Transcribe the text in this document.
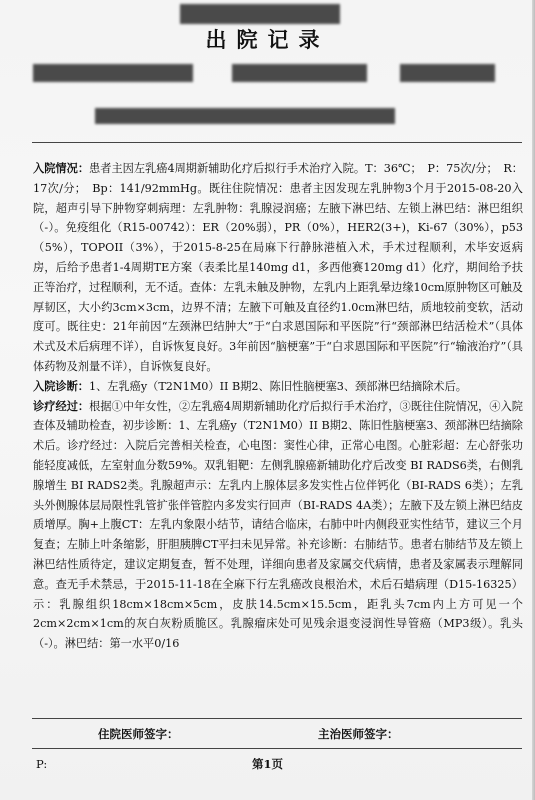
出院记录

入院情况：患者主因左乳癌4周期新辅助化疗后拟行手术治疗入院。T：36℃；　P：75次/分；　R：17次/分；　Bp：141/92mmHg。既往住院情况：患者主因发现左乳肿物3个月于2015-08-20入院，超声引导下肿物穿刺病理：左乳肿物：乳腺浸润癌；左腋下淋巴结、左锁上淋巴结：淋巴组织（-）。免疫组化（R15-00742）：ER（20%弱），PR（0%），HER2(3+)，Ki-67（30%），p53（5%），TOPOII（3%），于2015-8-25在局麻下行静脉港植入术，手术过程顺利，术毕安返病房，后给予患者1-4周期TE方案（表柔比星140mg d1，多西他赛120mg d1）化疗，期间给予扶正等治疗，过程顺利，无不适。查体：左乳未触及肿物，左乳内上距乳晕边缘10cm原肿物区可触及厚韧区，大小约3cm×3cm，边界不清；左腋下可触及直径约1.0cm淋巴结，质地较前变软，活动度可。既往史：21年前因“左颈淋巴结肿大”于“白求恩国际和平医院”行“颈部淋巴结活检术”（具体术式及术后病理不详），自诉恢复良好。3年前因“脑梗塞”于“白求恩国际和平医院”行“输液治疗”（具体药物及剂量不详），自诉恢复良好。

入院诊断：1、左乳癌y（T2N1M0）II B期2、陈旧性脑梗塞3、颈部淋巴结摘除术后。

诊疗经过：根据①中年女性，②左乳癌4周期新辅助化疗后拟行手术治疗，③既往住院情况，④入院查体及辅助检查，初步诊断：1、左乳癌y（T2N1M0）II B期2、陈旧性脑梗塞3、颈部淋巴结摘除术后。诊疗经过：入院后完善相关检查，心电图：窦性心律，正常心电图。心脏彩超：左心舒张功能轻度减低，左室射血分数59%。双乳钼靶：左侧乳腺癌新辅助化疗后改变 BI RADS6类，右侧乳腺增生 BI RADS2类。乳腺超声示：左乳内上腺体层多发实性占位伴钙化（BI-RADS 6类）；左乳头外侧腺体层局限性乳管扩张伴管腔内多发实行回声（BI-RADS 4A类）；左腋下及左锁上淋巴结皮质增厚。胸+上腹CT：左乳内象限小结节，请结合临床，右肺中叶内侧段亚实性结节，建议三个月复查；左肺上叶条缩影，肝胆胰脾CT平扫未见异常。补充诊断：右肺结节。患者右肺结节及左锁上淋巴结性质待定，建议定期复查，暂不处理，详细向患者及家属交代病情，患者及家属表示理解同意。查无手术禁忌，于2015-11-18在全麻下行左乳癌改良根治术，术后石蜡病理（D15-16325）示：乳腺组织18cm×18cm×5cm，皮肤14.5cm×15.5cm，距乳头7cm内上方可见一个2cm×2cm×1cm的灰白灰粉质脆区。乳腺瘤床处可见残余退变浸润性导管癌（MP3级）。乳头（-）。淋巴结：第一水平0/16

住院医师签字：	主治医师签字：
P:	第1页
